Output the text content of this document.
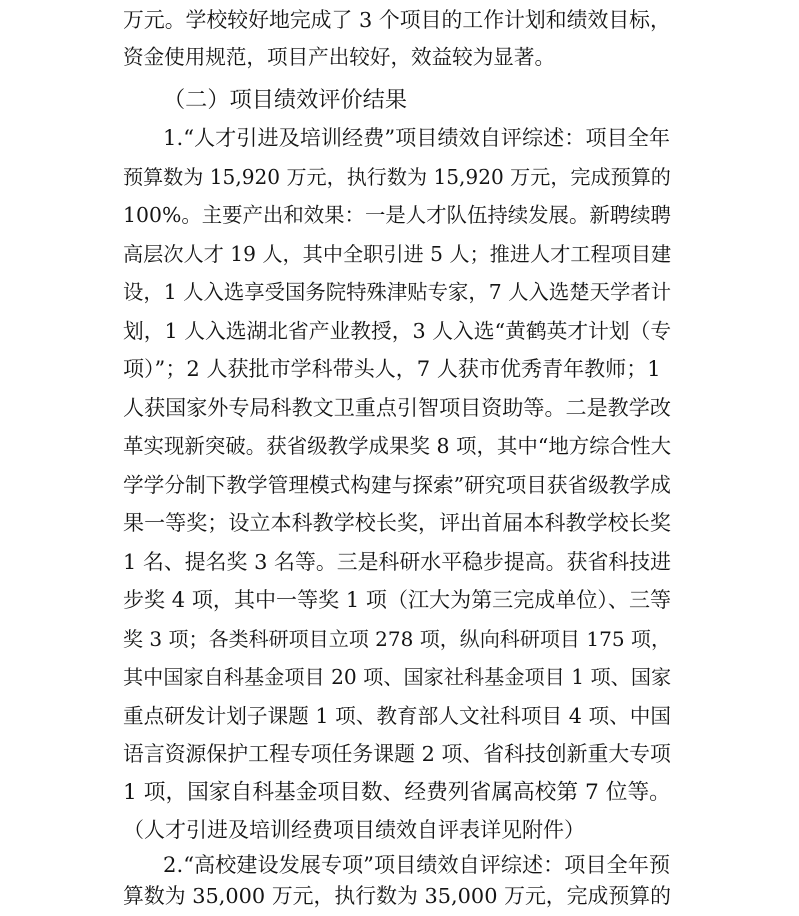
万元。学校较好地完成了 3 个项目的工作计划和绩效目标，
资金使用规范，项目产出较好，效益较为显著。
（二）项目绩效评价结果
1.“人才引进及培训经费”项目绩效自评综述：项目全年
预算数为 15,920 万元，执行数为 15,920 万元，完成预算的
100%。主要产出和效果：一是人才队伍持续发展。新聘续聘
高层次人才 19 人，其中全职引进 5 人；推进人才工程项目建
设，1 人入选享受国务院特殊津贴专家，7 人入选楚天学者计
划，1 人入选湖北省产业教授，3 人入选“黄鹤英才计划（专
项）”；2 人获批市学科带头人，7 人获市优秀青年教师；1
人获国家外专局科教文卫重点引智项目资助等。二是教学改
革实现新突破。获省级教学成果奖 8 项，其中“地方综合性大
学学分制下教学管理模式构建与探索”研究项目获省级教学成
果一等奖；设立本科教学校长奖，评出首届本科教学校长奖
1 名、提名奖 3 名等。三是科研水平稳步提高。获省科技进
步奖 4 项，其中一等奖 1 项（江大为第三完成单位）、三等
奖 3 项；各类科研项目立项 278 项，纵向科研项目 175 项，
其中国家自科基金项目 20 项、国家社科基金项目 1 项、国家
重点研发计划子课题 1 项、教育部人文社科项目 4 项、中国
语言资源保护工程专项任务课题 2 项、省科技创新重大专项
1 项，国家自科基金项目数、经费列省属高校第 7 位等。
（人才引进及培训经费项目绩效自评表详见附件）
2.“高校建设发展专项”项目绩效自评综述：项目全年预
算数为 35,000 万元，执行数为 35,000 万元，完成预算的
